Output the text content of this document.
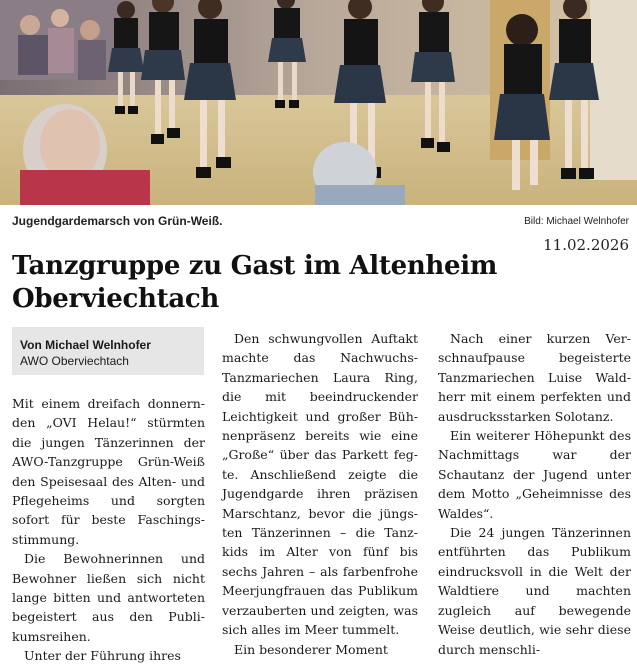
Jugendgardemarsch von Grün-Weiß.	Bild: Michael Welnhofer
11.02.2026
Tanzgruppe zu Gast im Altenheim Oberviechtach
Von Michael Welnhofer
AWO Oberviechtach

Mit einem dreifach donnernden „OVI Helau!“ stürmten die jungen Tänzerinnen der AWO-Tanzgruppe Grün-Weiß den Speisesaal des Alten- und Pflegeheims und sorgten sofort für beste Faschingsstimmung.

Die Bewohnerinnen und Bewohner ließen sich nicht lange bitten und antworteten begeistert aus den Publikumsreihen.

Unter der Führung ihres

Den schwungvollen Auftakt machte das Nachwuchs-Tanzmariechen Laura Ring, die mit beeindruckender Leichtigkeit und großer Bühnenpräsenz bereits wie eine „Große“ über das Parkett fegte. Anschließend zeigte die Jugendgarde ihren präzisen Marschtanz, bevor die jüngsten Tänzerinnen – die Tanzkids im Alter von fünf bis sechs Jahren – als farbenfrohe Meerjungfrauen das Publikum verzauberten und zeigten, was sich alles im Meer tummelt.

Ein besonderer Moment

Nach einer kurzen Verschnaufpause begeisterte Tanzmariechen Luise Waldherr mit einem perfekten und ausdrucksstarken Solotanz.

Ein weiterer Höhepunkt des Nachmittags war der Schautanz der Jugend unter dem Motto „Geheimnisse des Waldes“.

Die 24 jungen Tänzerinnen entführten das Publikum eindrucksvoll in die Welt der Waldtiere und machten zugleich auf bewegende Weise deutlich, wie sehr diese durch menschli-
